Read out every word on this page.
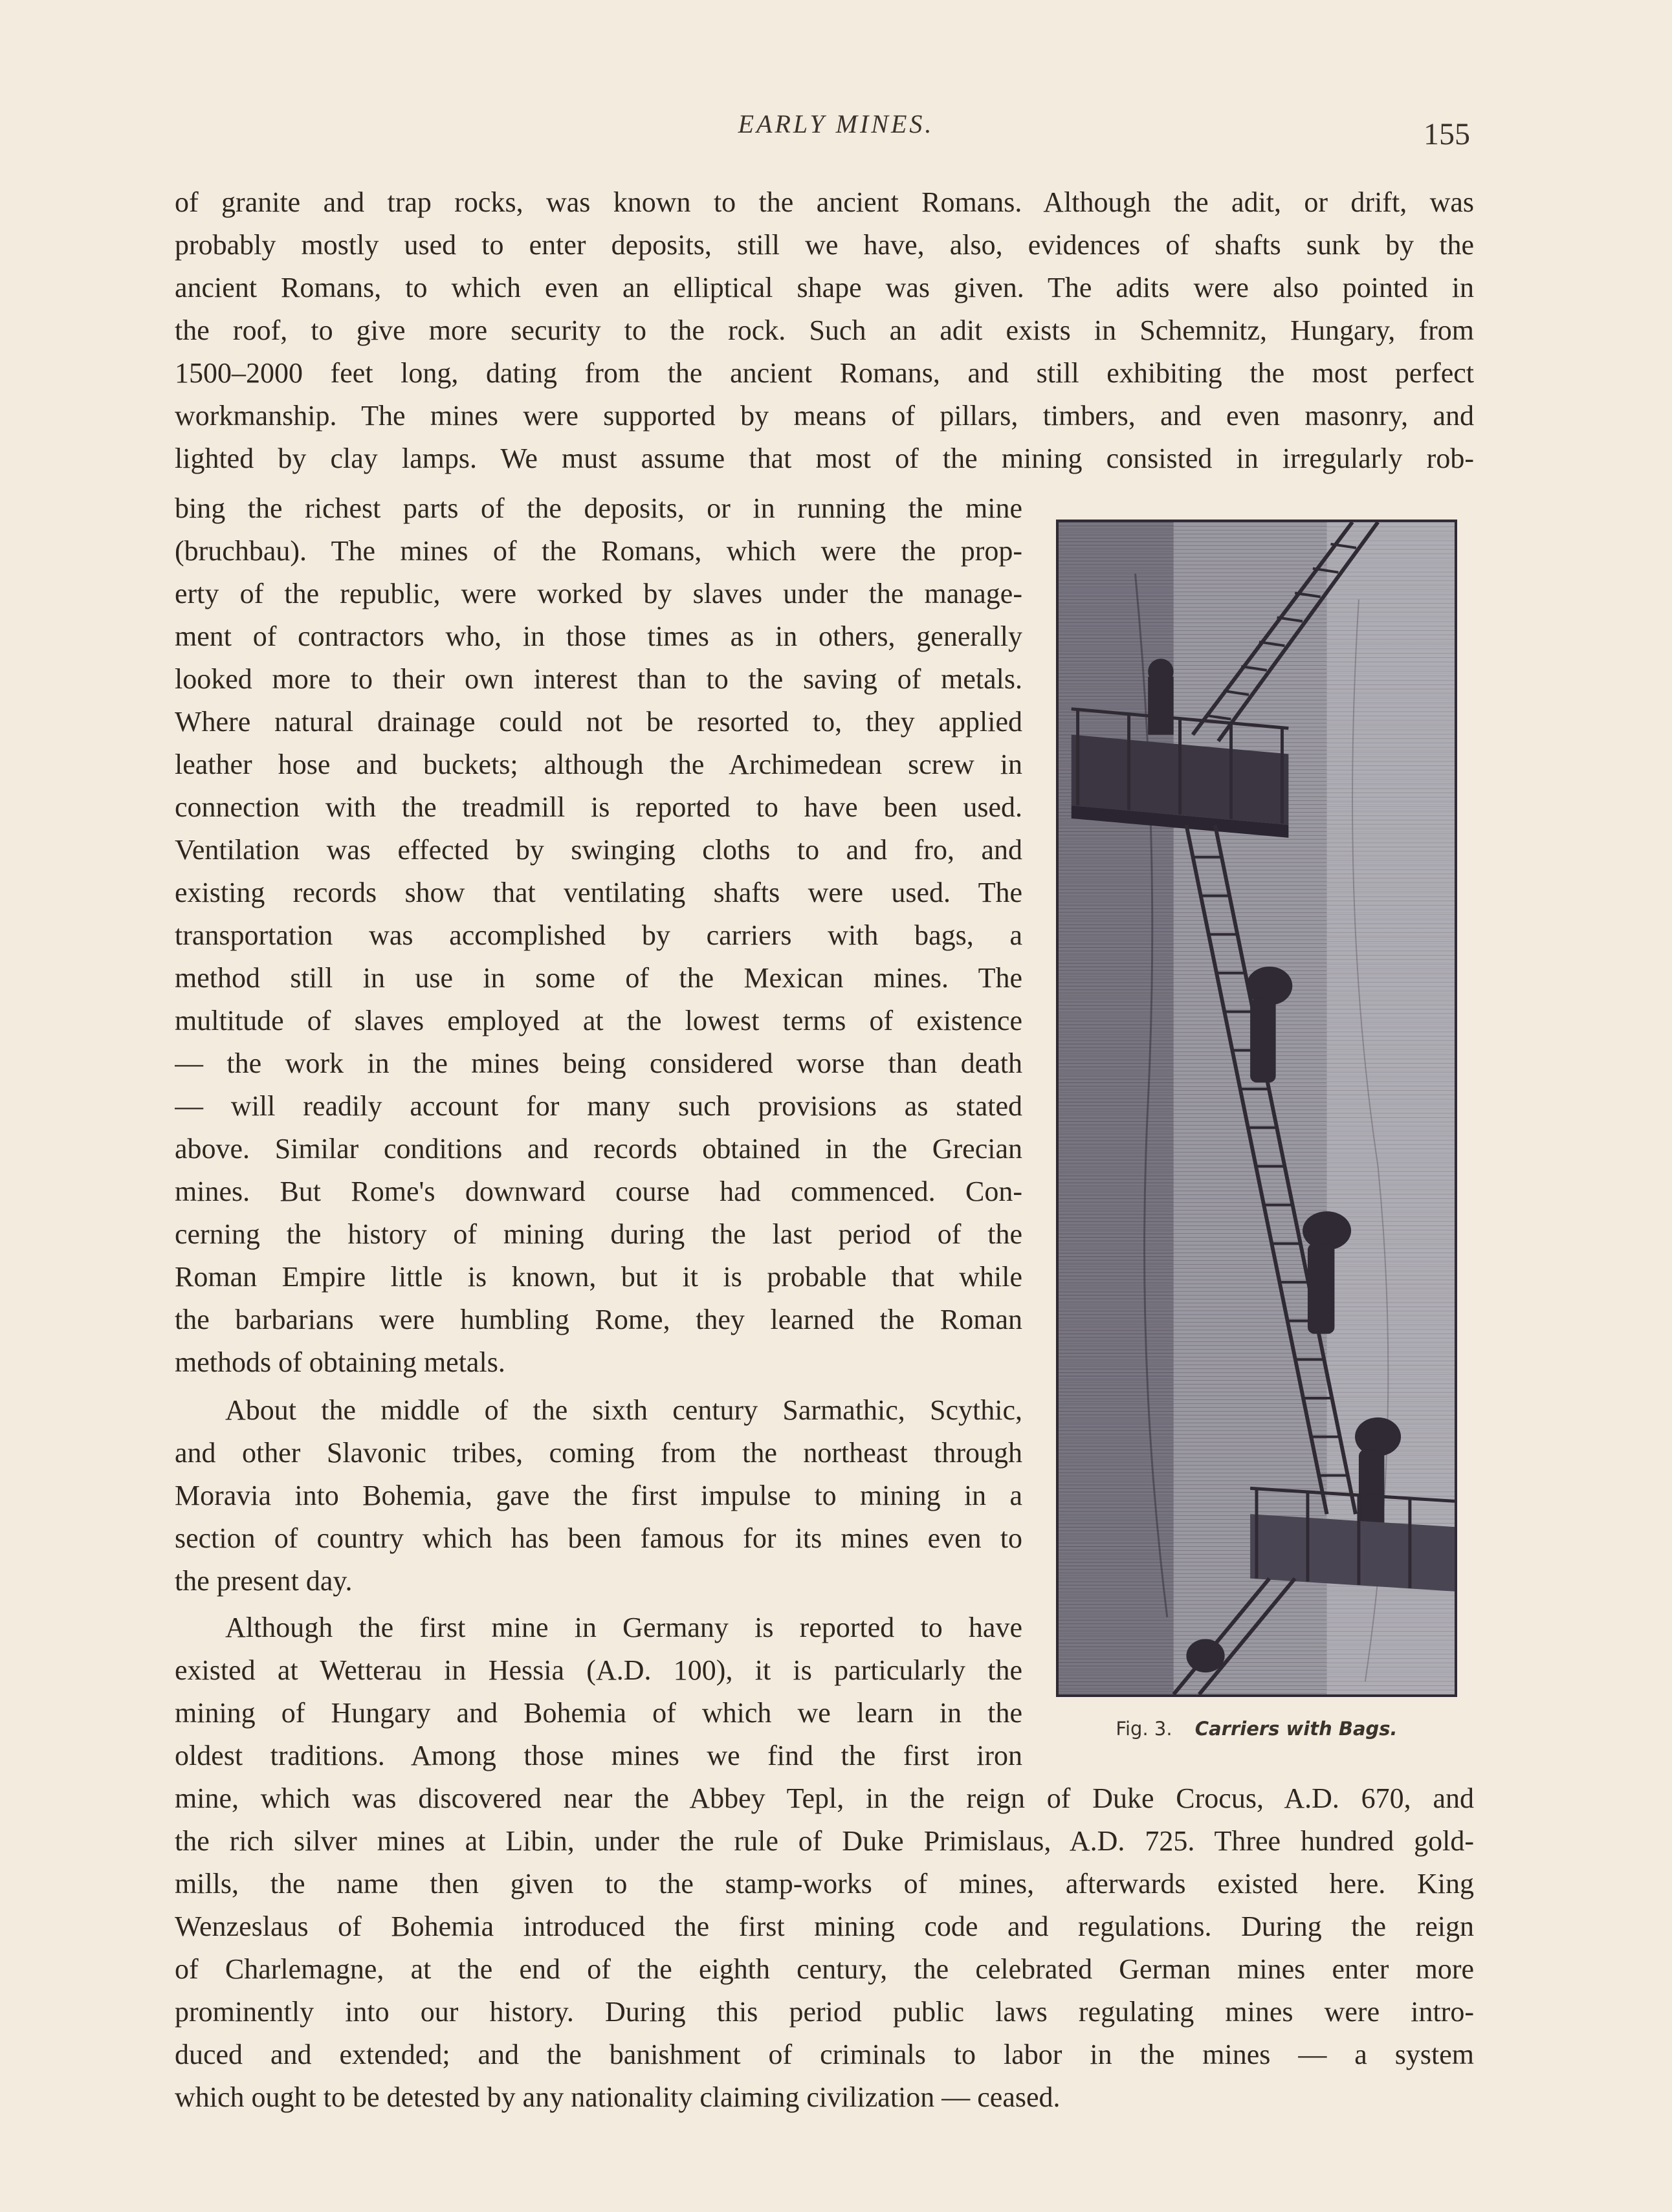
EARLY MINES.	155
of granite and trap rocks, was known to the ancient Romans. Although the adit, or drift, was
probably mostly used to enter deposits, still we have, also, evidences of shafts sunk by the
ancient Romans, to which even an elliptical shape was given. The adits were also pointed in
the roof, to give more security to the rock. Such an adit exists in Schemnitz, Hungary, from
1500–2000 feet long, dating from the ancient Romans, and still exhibiting the most perfect
workmanship. The mines were supported by means of pillars, timbers, and even masonry, and
lighted by clay lamps. We must assume that most of the mining consisted in irregularly rob-
bing the richest parts of the deposits, or in running the mine
(bruchbau). The mines of the Romans, which were the prop-
erty of the republic, were worked by slaves under the manage-
ment of contractors who, in those times as in others, generally
looked more to their own interest than to the saving of metals.
Where natural drainage could not be resorted to, they applied
leather hose and buckets; although the Archimedean screw in
connection with the treadmill is reported to have been used.
Ventilation was effected by swinging cloths to and fro, and
existing records show that ventilating shafts were used. The
transportation was accomplished by carriers with bags, a
method still in use in some of the Mexican mines. The
multitude of slaves employed at the lowest terms of existence
— the work in the mines being considered worse than death
— will readily account for many such provisions as stated
above. Similar conditions and records obtained in the Grecian
mines. But Rome's downward course had commenced. Con-
cerning the history of mining during the last period of the
Roman Empire little is known, but it is probable that while
the barbarians were humbling Rome, they learned the Roman
methods of obtaining metals.
About the middle of the sixth century Sarmathic, Scythic,
and other Slavonic tribes, coming from the northeast through
Moravia into Bohemia, gave the first impulse to mining in a
section of country which has been famous for its mines even to
the present day.
Although the first mine in Germany is reported to have
existed at Wetterau in Hessia (A.D. 100), it is particularly the
mining of Hungary and Bohemia of which we learn in the
oldest traditions. Among those mines we find the first iron
mine, which was discovered near the Abbey Tepl, in the reign of Duke Crocus, A.D. 670, and
the rich silver mines at Libin, under the rule of Duke Primislaus, A.D. 725. Three hundred gold-
mills, the name then given to the stamp-works of mines, afterwards existed here. King
Wenzeslaus of Bohemia introduced the first mining code and regulations. During the reign
of Charlemagne, at the end of the eighth century, the celebrated German mines enter more
prominently into our history. During this period public laws regulating mines were intro-
duced and extended; and the banishment of criminals to labor in the mines — a system
which ought to be detested by any nationality claiming civilization — ceased.
Fig. 3. Carriers with Bags.
